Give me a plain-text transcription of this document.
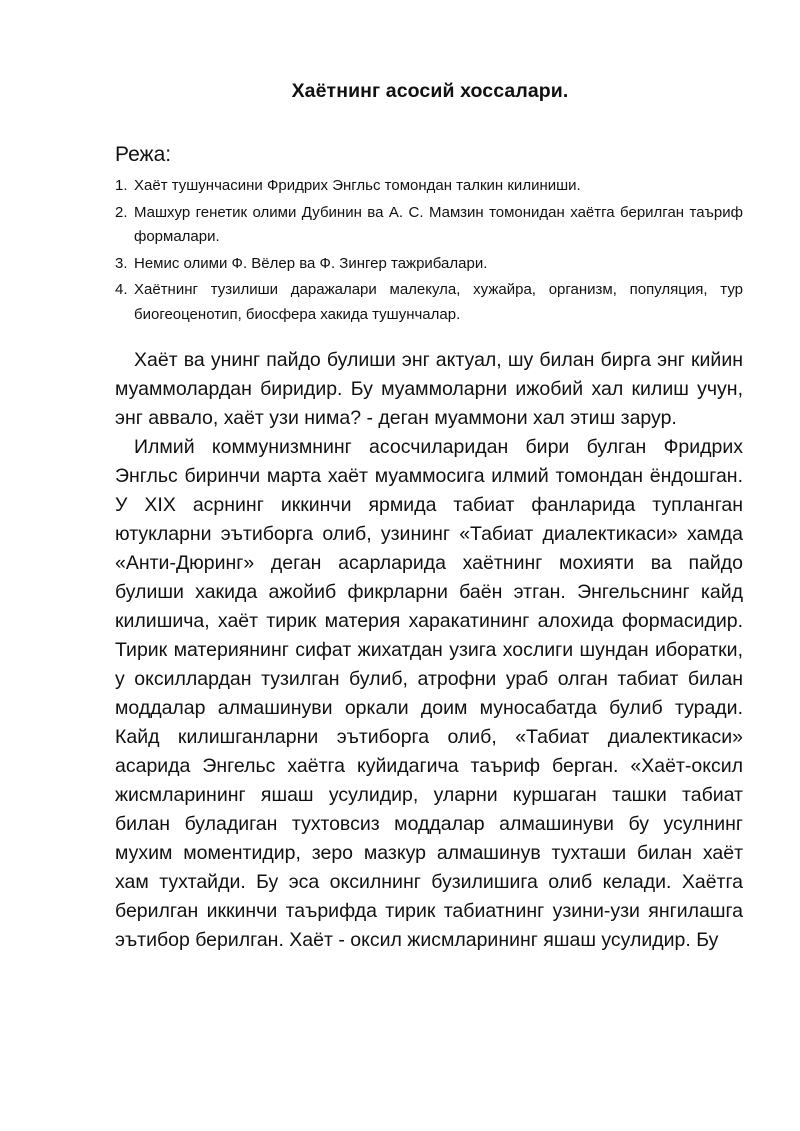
Хаётнинг асосий хоссалари.
Режа:
1. Хаёт тушунчасини Фридрих Энгльс томондан талкин килиниши.
2. Машхур генетик олими Дубинин ва А. С. Мамзин томонидан хаётга берилган таъриф формалари.
3. Немис олими Ф. Вёлер ва Ф. Зингер тажрибалари.
4. Хаётнинг тузилиши даражалари малекула, хужайра, организм, популяция, тур биогеоценотип, биосфера хакида тушунчалар.

Хаёт ва унинг пайдо булиши энг актуал, шу билан бирга энг кийин муаммолардан биридир. Бу муаммоларни ижобий хал килиш учун, энг аввало, хаёт узи нима? - деган муаммони хал этиш зарур.

Илмий коммунизмнинг асосчиларидан бири булган Фридрих Энгльс биринчи марта хаёт муаммосига илмий томондан ёндошган. У XIX асрнинг иккинчи ярмида табиат фанларида тупланган ютукларни эътиборга олиб, узининг «Табиат диалектикаси» хамда «Анти-Дюринг» деган асарларида хаётнинг мохияти ва пайдо булиши хакида ажойиб фикрларни баён этган. Энгельснинг кайд килишича, хаёт тирик материя харакатининг алохида формасидир. Тирик материянинг сифат жихатдан узига хослиги шундан иборатки, у оксиллардан тузилган булиб, атрофни ураб олган табиат билан моддалар алмашинуви оркали доим муносабатда булиб туради. Кайд килишганларни эътиборга олиб, «Табиат диалектикаси» асарида Энгельс хаётга куйидагича таъриф берган. «Хаёт-оксил жисмларининг яшаш усулидир, уларни куршаган ташки табиат билан буладиган тухтовсиз моддалар алмашинуви бу усулнинг мухим моментидир, зеро мазкур алмашинув тухташи билан хаёт хам тухтайди. Бу эса оксилнинг бузилишига олиб келади. Хаётга берилган иккинчи таърифда тирик табиатнинг узини-узи янгилашга эътибор берилган. Хаёт - оксил жисмларининг яшаш усулидир. Бу
